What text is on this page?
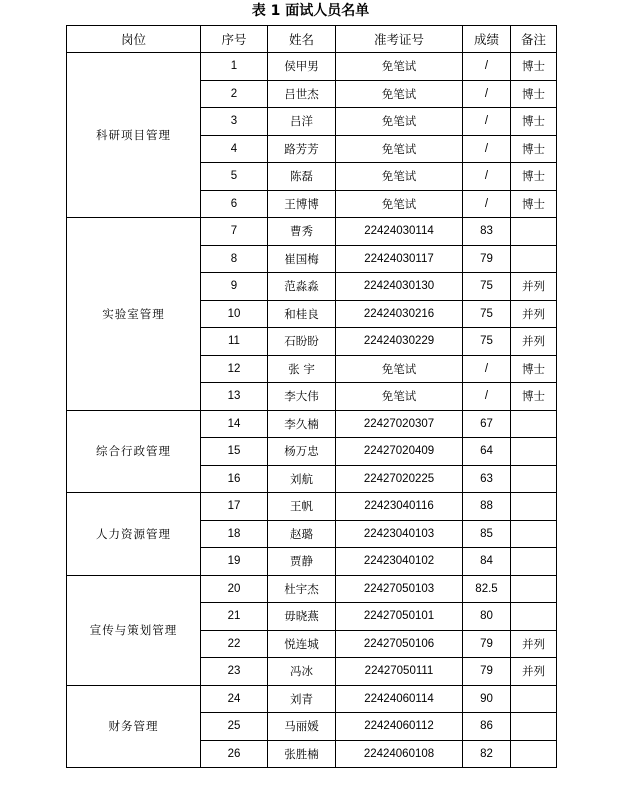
表 1 面试人员名单
岗位	序号	姓名	准考证号	成绩	备注
科研项目管理	1	侯甲男	免笔试	/	博士
	2	吕世杰	免笔试	/	博士
	3	吕洋	免笔试	/	博士
	4	路芳芳	免笔试	/	博士
	5	陈磊	免笔试	/	博士
	6	王博博	免笔试	/	博士
实验室管理	7	曹秀	22424030114	83	
	8	崔国梅	22424030117	79	
	9	范淼淼	22424030130	75	并列
	10	和桂良	22424030216	75	并列
	11	石盼盼	22424030229	75	并列
	12	张 宇	免笔试	/	博士
	13	李大伟	免笔试	/	博士
综合行政管理	14	李久楠	22427020307	67	
	15	杨万忠	22427020409	64	
	16	刘航	22427020225	63	
人力资源管理	17	王帆	22423040116	88	
	18	赵璐	22423040103	85	
	19	贾静	22423040102	84	
宣传与策划管理	20	杜宇杰	22427050103	82.5	
	21	毋晓燕	22427050101	80	
	22	悦连城	22427050106	79	并列
	23	冯冰	22427050111	79	并列
财务管理	24	刘青	22424060114	90	
	25	马丽媛	22424060112	86	
	26	张胜楠	22424060108	82	
